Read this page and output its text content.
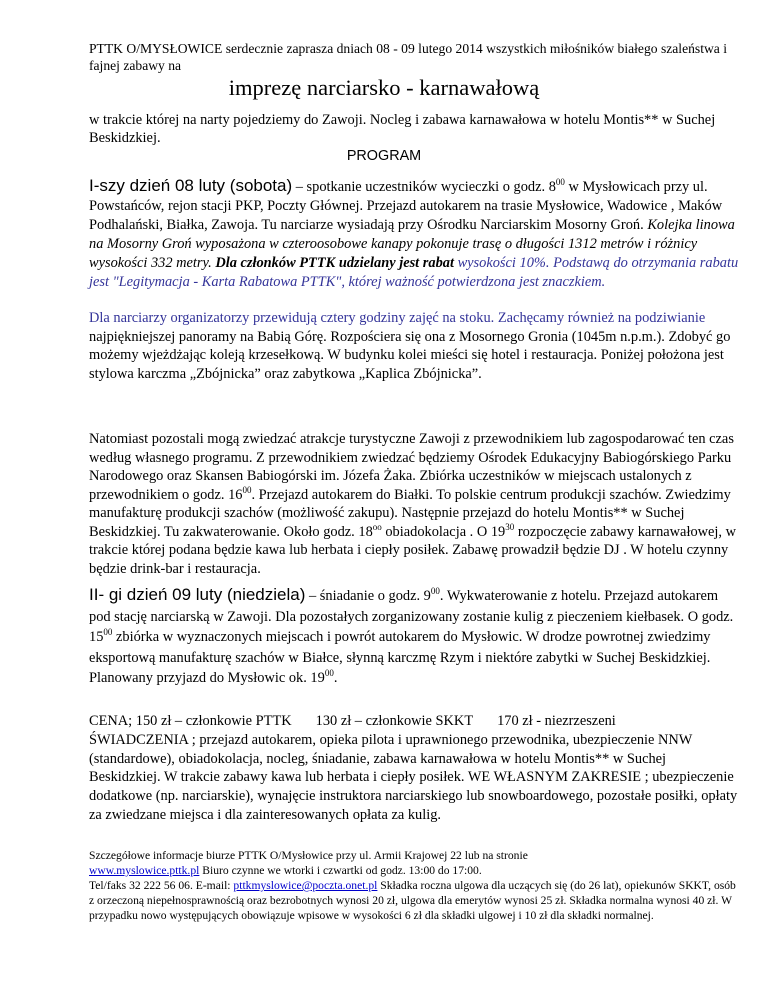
PTTK O/MYSŁOWICE serdecznie zaprasza dniach 08 - 09 lutego 2014 wszystkich miłośników białego szaleństwa i fajnej zabawy na
imprezę narciarsko - karnawałową
w trakcie której na narty pojedziemy do Zawoji. Nocleg i zabawa karnawałowa w hotelu Montis** w Suchej Beskidzkiej.
PROGRAM
I-szy dzień 08 luty (sobota) – spotkanie uczestników wycieczki o godz. $8^{00}$ w Mysłowicach przy ul. Powstańców, rejon stacji PKP, Poczty Głównej. Przejazd autokarem na trasie Mysłowice, Wadowice , Maków Podhalański, Białka, Zawoja. Tu narciarze wysiadają przy Ośrodku Narciarskim Mosorny Groń. Kolejka linowa na Mosorny Groń wyposażona w czteroosobowe kanapy pokonuje trasę o długości 1312 metrów i różnicy wysokości 332 metry. Dla członków PTTK udzielany jest rabat wysokości 10%. Podstawą do otrzymania rabatu jest "Legitymacja - Karta Rabatowa PTTK", której ważność potwierdzona jest znaczkiem.
Dla narciarzy organizatorzy przewidują cztery godziny zajęć na stoku. Zachęcamy również na podziwianie najpiękniejszej panoramy na Babią Górę. Rozpościera się ona z Mosornego Gronia (1045m n.p.m.). Zdobyć go możemy wjeżdżając koleją krzesełkową. W budynku kolei mieści się hotel i restauracja. Poniżej położona jest stylowa karczma „Zbójnicka” oraz zabytkowa „Kaplica Zbójnicka”.
Natomiast pozostali mogą zwiedzać atrakcje turystyczne Zawoji z przewodnikiem lub zagospodarować ten czas według własnego programu. Z przewodnikiem zwiedzać będziemy Ośrodek Edukacyjny Babiogórskiego Parku Narodowego oraz Skansen Babiogórski im. Józefa Żaka. Zbiórka uczestników w miejscach ustalonych z przewodnikiem o godz. $16^{00}$. Przejazd autokarem do Białki. To polskie centrum produkcji szachów. Zwiedzimy manufakturę produkcji szachów (możliwość zakupu). Następnie przejazd do hotelu Montis** w Suchej Beskidzkiej. Tu zakwaterowanie. Około godz. $18^{oo}$ obiadokolacja . O $19^{30}$ rozpoczęcie zabawy karnawałowej, w trakcie której podana będzie kawa lub herbata i ciepły posiłek. Zabawę prowadził będzie DJ . W hotelu czynny będzie drink-bar i restauracja.
II- gi dzień 09 luty (niedziela) – śniadanie o godz. $9^{00}$. Wykwaterowanie z hotelu. Przejazd autokarem pod stację narciarską w Zawoji. Dla pozostałych zorganizowany zostanie kulig z pieczeniem kiełbasek. O godz. $15^{00}$ zbiórka w wyznaczonych miejscach i powrót autokarem do Mysłowic. W drodze powrotnej zwiedzimy eksportową manufakturę szachów w Białce, słynną karczmę Rzym i niektóre zabytki w Suchej Beskidzkiej. Planowany przyjazd do Mysłowic ok. $19^{00}$.
CENA; 150 zł – członkowie PTTK 130 zł – członkowie SKKT 170 zł - niezrzeszeni
ŚWIADCZENIA ; przejazd autokarem, opieka pilota i uprawnionego przewodnika, ubezpieczenie NNW (standardowe), obiadokolacja, nocleg, śniadanie, zabawa karnawałowa w hotelu Montis** w Suchej Beskidzkiej. W trakcie zabawy kawa lub herbata i ciepły posiłek. WE WŁASNYM ZAKRESIE ; ubezpieczenie dodatkowe (np. narciarskie), wynajęcie instruktora narciarskiego lub snowboardowego, pozostałe posiłki, opłaty za zwiedzane miejsca i dla zainteresowanych opłata za kulig.
Szczegółowe informacje biurze PTTK O/Mysłowice przy ul. Armii Krajowej 22 lub na stronie
www.myslowice.pttk.pl Biuro czynne we wtorki i czwartki od godz. 13:00 do 17:00.
Tel/faks 32 222 56 06. E-mail: pttkmyslowice@poczta.onet.pl Składka roczna ulgowa dla uczących się (do 26 lat), opiekunów SKKT, osób z orzeczoną niepełnosprawnością oraz bezrobotnych wynosi 20 zł, ulgowa dla emerytów wynosi 25 zł. Składka normalna wynosi 40 zł. W przypadku nowo występujących obowiązuje wpisowe w wysokości 6 zł dla składki ulgowej i 10 zł dla składki normalnej.
